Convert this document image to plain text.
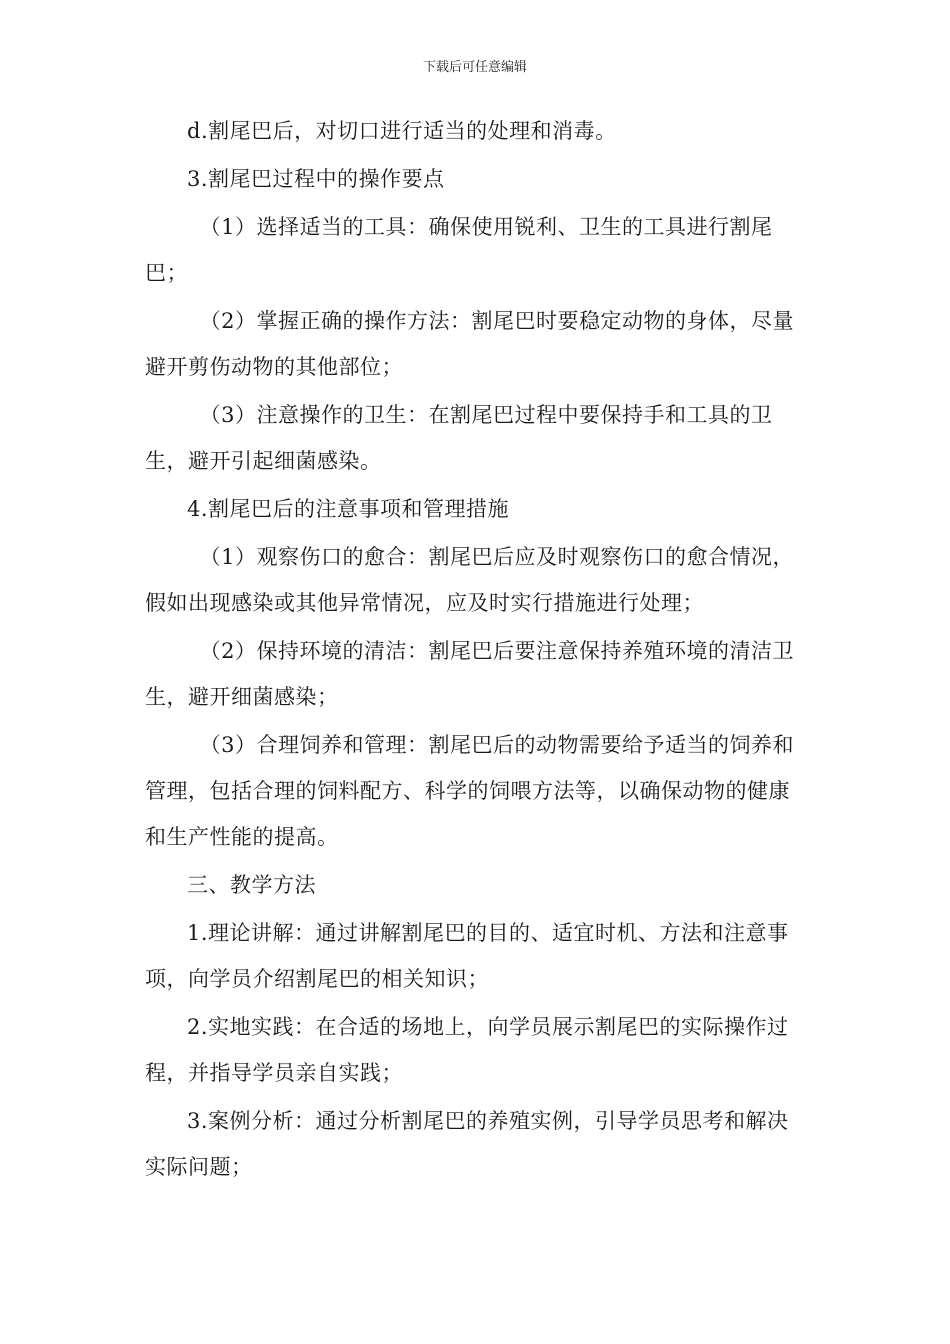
下载后可任意编辑

d.割尾巴后，对切口进行适当的处理和消毒。

3.割尾巴过程中的操作要点

（1）选择适当的工具：确保使用锐利、卫生的工具进行割尾巴；

（2）掌握正确的操作方法：割尾巴时要稳定动物的身体，尽量避开剪伤动物的其他部位；

（3）注意操作的卫生：在割尾巴过程中要保持手和工具的卫生，避开引起细菌感染。

4.割尾巴后的注意事项和管理措施

（1）观察伤口的愈合：割尾巴后应及时观察伤口的愈合情况，假如出现感染或其他异常情况，应及时实行措施进行处理；

（2）保持环境的清洁：割尾巴后要注意保持养殖环境的清洁卫生，避开细菌感染；

（3）合理饲养和管理：割尾巴后的动物需要给予适当的饲养和管理，包括合理的饲料配方、科学的饲喂方法等，以确保动物的健康和生产性能的提高。

三、教学方法

1.理论讲解：通过讲解割尾巴的目的、适宜时机、方法和注意事项，向学员介绍割尾巴的相关知识；

2.实地实践：在合适的场地上，向学员展示割尾巴的实际操作过程，并指导学员亲自实践；

3.案例分析：通过分析割尾巴的养殖实例，引导学员思考和解决实际问题；
